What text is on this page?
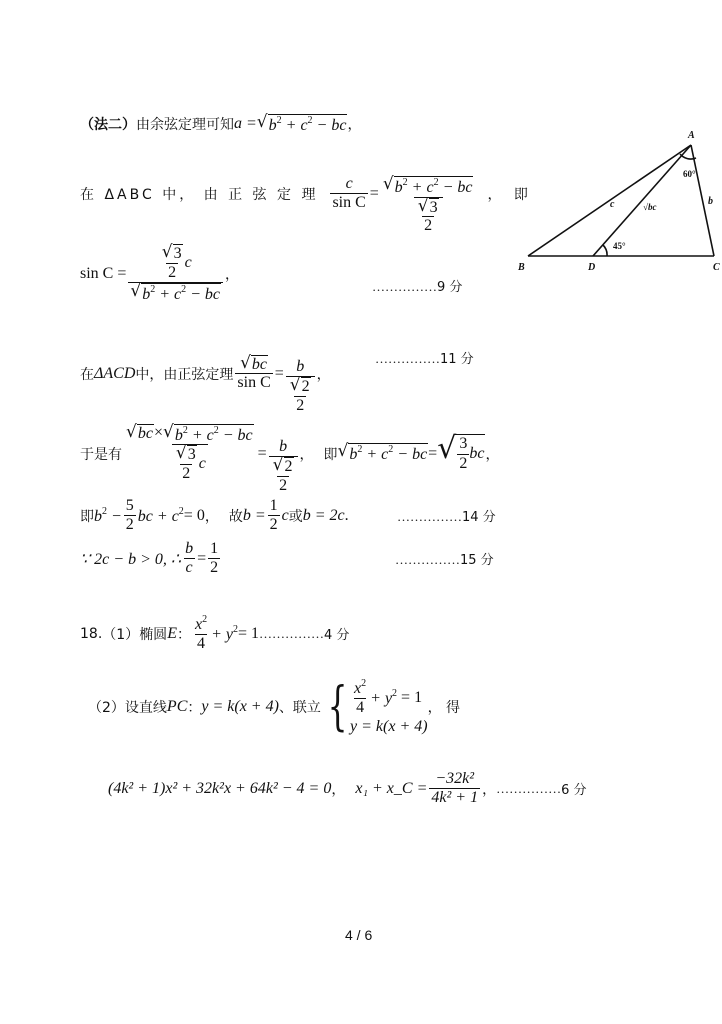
（法二） 由余弦定理可知 a = √ $b^2 + c^2$ − bc ，
在 ΔABC 中， 由 正 弦 定 理 $\frac{c}{\text{sin C}} = \frac{√ b^2 + c^2 - bc}{\frac{√ 3}{2}}$ ， 即
A
B	D	C
c	b
√bc
60°
45°
$\sin C = \frac{\frac{√ 3}{2} c}{√ b^2 + c^2 - bc}$ ，
……………9 分
在 ΔACD 中，由正弦定理 $\frac{√ bc}{\text{sin C}} = \frac{b}{\frac{√ 2}{2}}$ ，
……………11 分
于是有 $\frac{√ bc \times √ b^2 + c^2 - bc}{\frac{√ 3}{2} c} = \frac{b}{\frac{√ 2}{2}}$ ， 即 √ $b^2 + c^2$ − bc = √ $\frac{3}{2}$ bc ，
即 $b^2 - \frac{5}{2}$ bc + $c^2 = 0$ ， 故 $b = \frac{1}{2}$ c 或 b = 2c .	……………14 分
∵ 2c − b > 0, ∴ $\frac{b}{c} = \frac{1}{2}$	……………15 分
18. （1） 椭圆 E ： $\frac{x^2}{4} + y^2 = 1$ …………… 4 分
（2） 设直线 PC ： y = k(x + 4) 、联立 { $\frac{x^2}{4} + y^2 = 1$
y = k(x + 4)
， 得
(4k² + 1)x² + 32k²x + 64k² − 4 = 0 ， x₁ + x_C = $\frac{\text{−32k²}}{\text{4k² + 1}}$ ， …………… 6 分
4 / 6
